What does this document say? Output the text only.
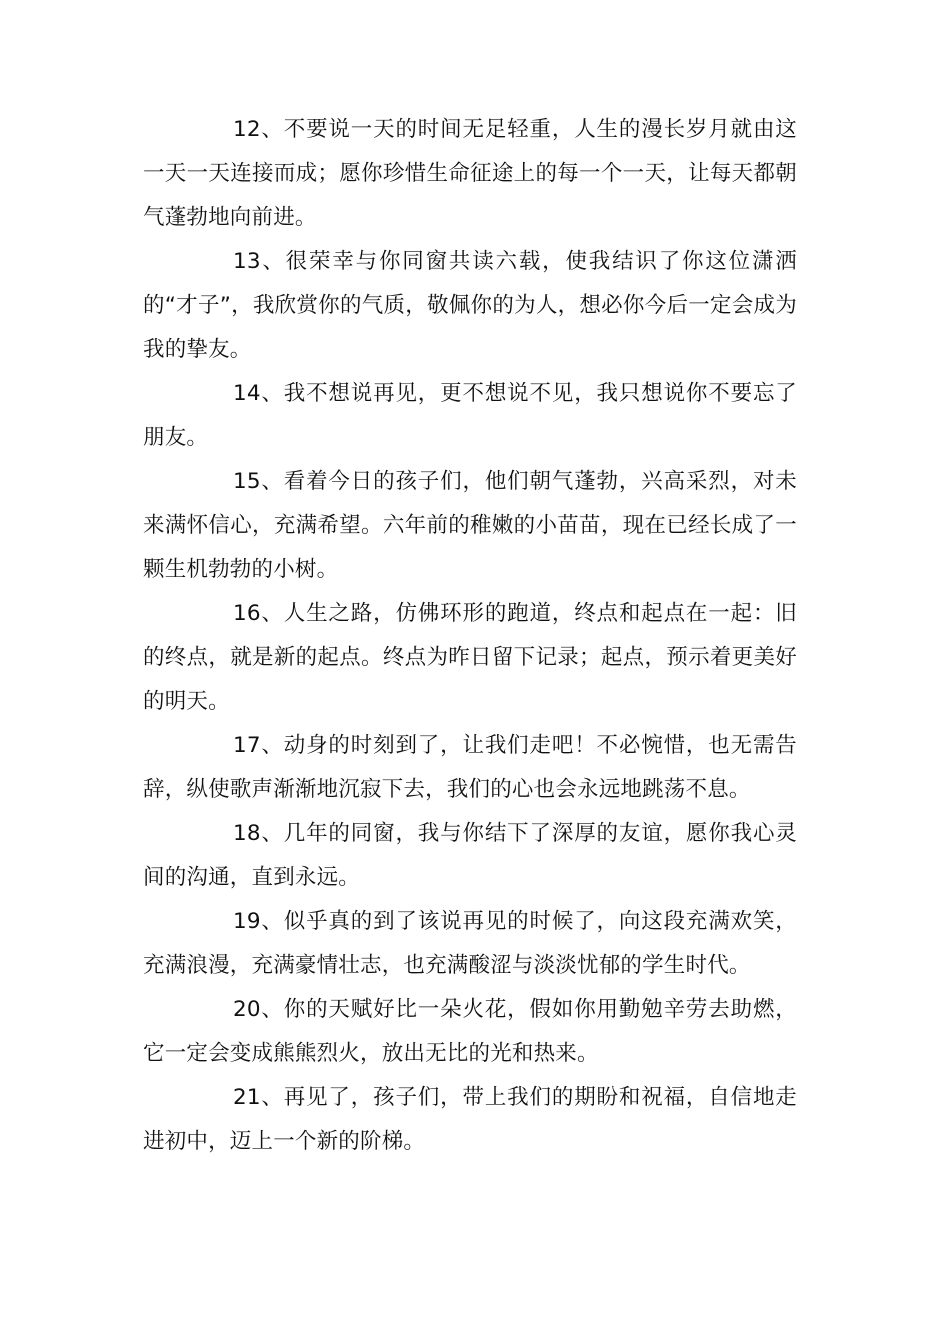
12、不要说一天的时间无足轻重，人生的漫长岁月就由这一天一天连接而成；愿你珍惜生命征途上的每一个一天，让每天都朝气蓬勃地向前进。

13、很荣幸与你同窗共读六载，使我结识了你这位潇洒的“才子”，我欣赏你的气质，敬佩你的为人，想必你今后一定会成为我的挚友。

14、我不想说再见，更不想说不见，我只想说你不要忘了朋友。

15、看着今日的孩子们，他们朝气蓬勃，兴高采烈，对未来满怀信心，充满希望。六年前的稚嫩的小苗苗，现在已经长成了一颗生机勃勃的小树。

16、人生之路，仿佛环形的跑道，终点和起点在一起：旧的终点，就是新的起点。终点为昨日留下记录；起点，预示着更美好的明天。

17、动身的时刻到了，让我们走吧！不必惋惜，也无需告辞，纵使歌声渐渐地沉寂下去，我们的心也会永远地跳荡不息。

18、几年的同窗，我与你结下了深厚的友谊，愿你我心灵间的沟通，直到永远。

19、似乎真的到了该说再见的时候了，向这段充满欢笑，充满浪漫，充满豪情壮志，也充满酸涩与淡淡忧郁的学生时代。

20、你的天赋好比一朵火花，假如你用勤勉辛劳去助燃，它一定会变成熊熊烈火，放出无比的光和热来。

21、再见了，孩子们，带上我们的期盼和祝福，自信地走进初中，迈上一个新的阶梯。
